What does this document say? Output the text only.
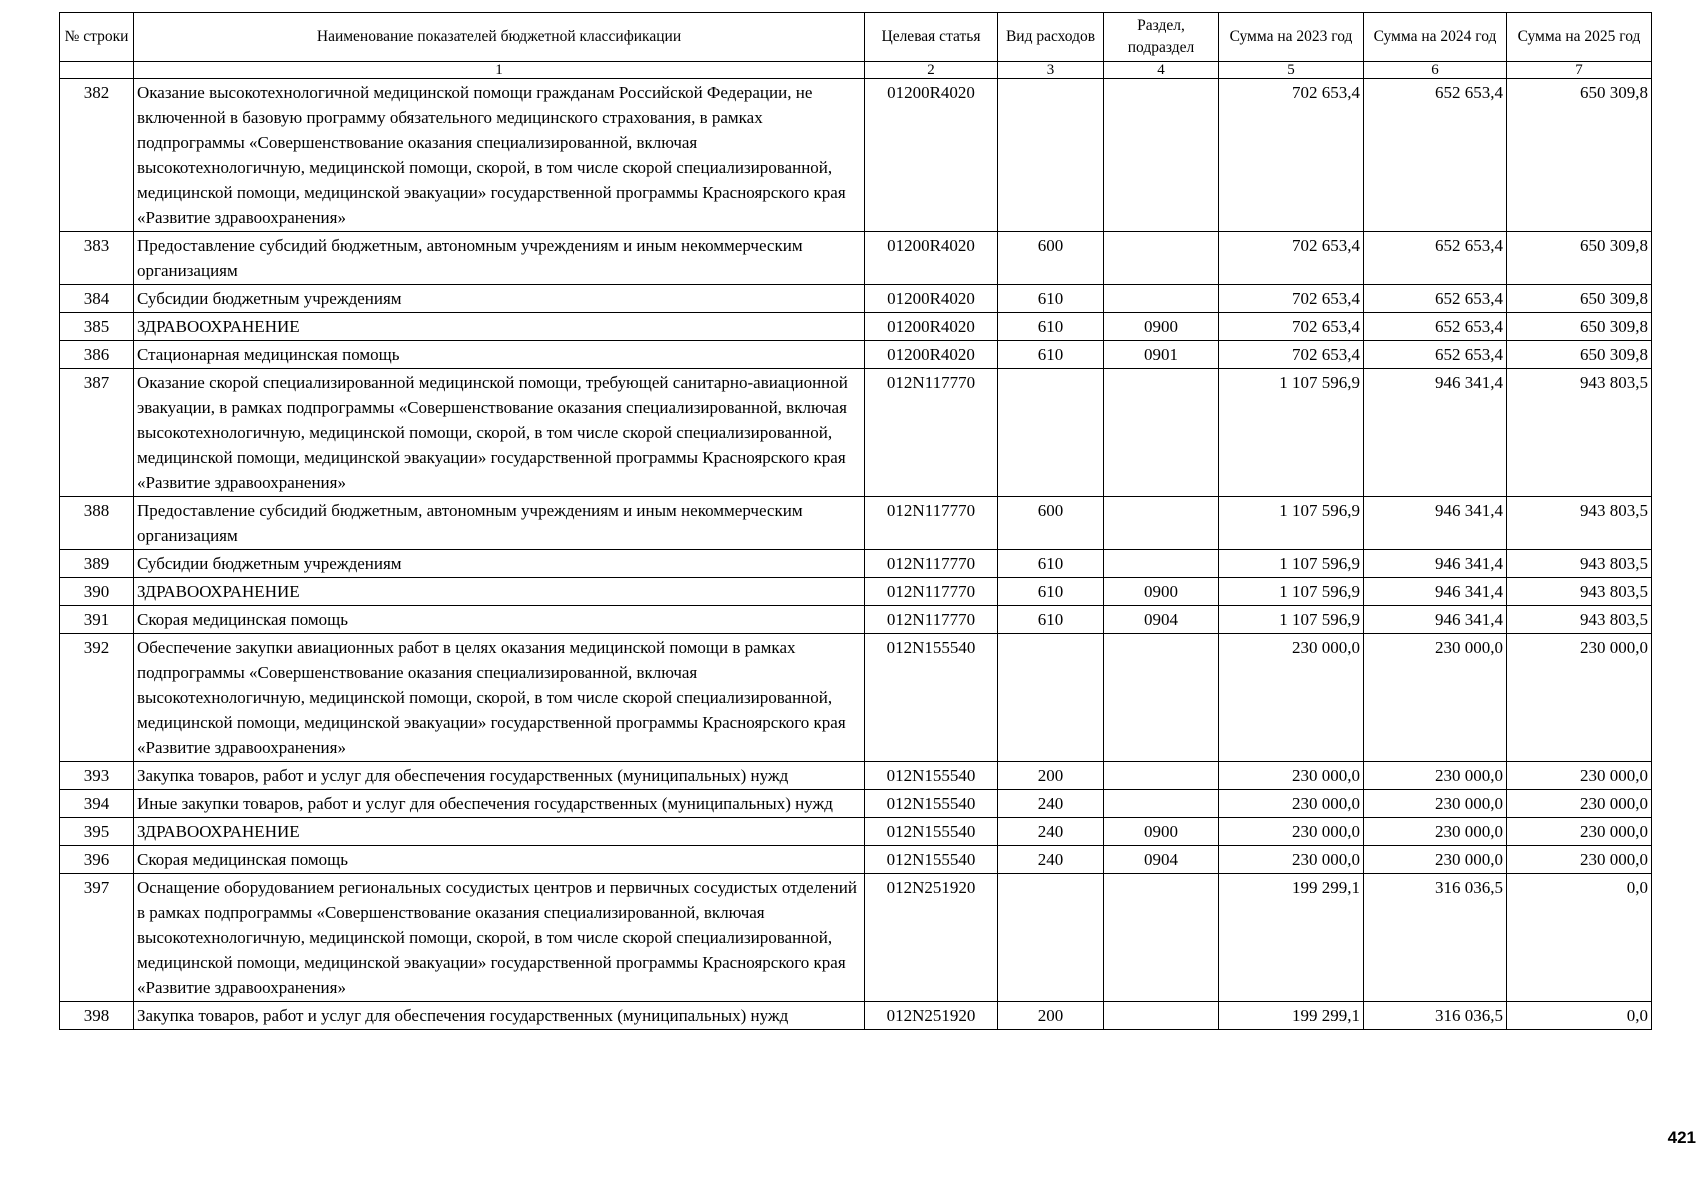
№ строки	Наименование показателей бюджетной классификации	Целевая статья	Вид расходов	Раздел, подраздел	Сумма на 2023 год	Сумма на 2024 год	Сумма на 2025 год
	1	2	3	4	5	6	7
382	Оказание высокотехнологичной медицинской помощи гражданам Российской Федерации, не включенной в базовую программу обязательного медицинского страхования, в рамках подпрограммы «Совершенствование оказания специализированной, включая высокотехнологичную, медицинской помощи, скорой, в том числе скорой специализированной, медицинской помощи, медицинской эвакуации» государственной программы Красноярского края «Развитие здравоохранения»	01200R4020			702 653,4	652 653,4	650 309,8
383	Предоставление субсидий бюджетным, автономным учреждениям и иным некоммерческим организациям	01200R4020	600		702 653,4	652 653,4	650 309,8
384	Субсидии бюджетным учреждениям	01200R4020	610		702 653,4	652 653,4	650 309,8
385	ЗДРАВООХРАНЕНИЕ	01200R4020	610	0900	702 653,4	652 653,4	650 309,8
386	Стационарная медицинская помощь	01200R4020	610	0901	702 653,4	652 653,4	650 309,8
387	Оказание скорой специализированной медицинской помощи, требующей санитарно-авиационной эвакуации, в рамках подпрограммы «Совершенствование оказания специализированной, включая высокотехнологичную, медицинской помощи, скорой, в том числе скорой специализированной, медицинской помощи, медицинской эвакуации» государственной программы Красноярского края «Развитие здравоохранения»	012N117770			1 107 596,9	946 341,4	943 803,5
388	Предоставление субсидий бюджетным, автономным учреждениям и иным некоммерческим организациям	012N117770	600		1 107 596,9	946 341,4	943 803,5
389	Субсидии бюджетным учреждениям	012N117770	610		1 107 596,9	946 341,4	943 803,5
390	ЗДРАВООХРАНЕНИЕ	012N117770	610	0900	1 107 596,9	946 341,4	943 803,5
391	Скорая медицинская помощь	012N117770	610	0904	1 107 596,9	946 341,4	943 803,5
392	Обеспечение закупки авиационных работ в целях оказания медицинской помощи в рамках подпрограммы «Совершенствование оказания специализированной, включая высокотехнологичную, медицинской помощи, скорой, в том числе скорой специализированной, медицинской помощи, медицинской эвакуации» государственной программы Красноярского края «Развитие здравоохранения»	012N155540			230 000,0	230 000,0	230 000,0
393	Закупка товаров, работ и услуг для обеспечения государственных (муниципальных) нужд	012N155540	200		230 000,0	230 000,0	230 000,0
394	Иные закупки товаров, работ и услуг для обеспечения государственных (муниципальных) нужд	012N155540	240		230 000,0	230 000,0	230 000,0
395	ЗДРАВООХРАНЕНИЕ	012N155540	240	0900	230 000,0	230 000,0	230 000,0
396	Скорая медицинская помощь	012N155540	240	0904	230 000,0	230 000,0	230 000,0
397	Оснащение оборудованием региональных сосудистых центров и первичных сосудистых отделений в рамках подпрограммы «Совершенствование оказания специализированной, включая высокотехнологичную, медицинской помощи, скорой, в том числе скорой специализированной, медицинской помощи, медицинской эвакуации» государственной программы Красноярского края «Развитие здравоохранения»	012N251920			199 299,1	316 036,5	0,0
398	Закупка товаров, работ и услуг для обеспечения государственных (муниципальных) нужд	012N251920	200		199 299,1	316 036,5	0,0
421
